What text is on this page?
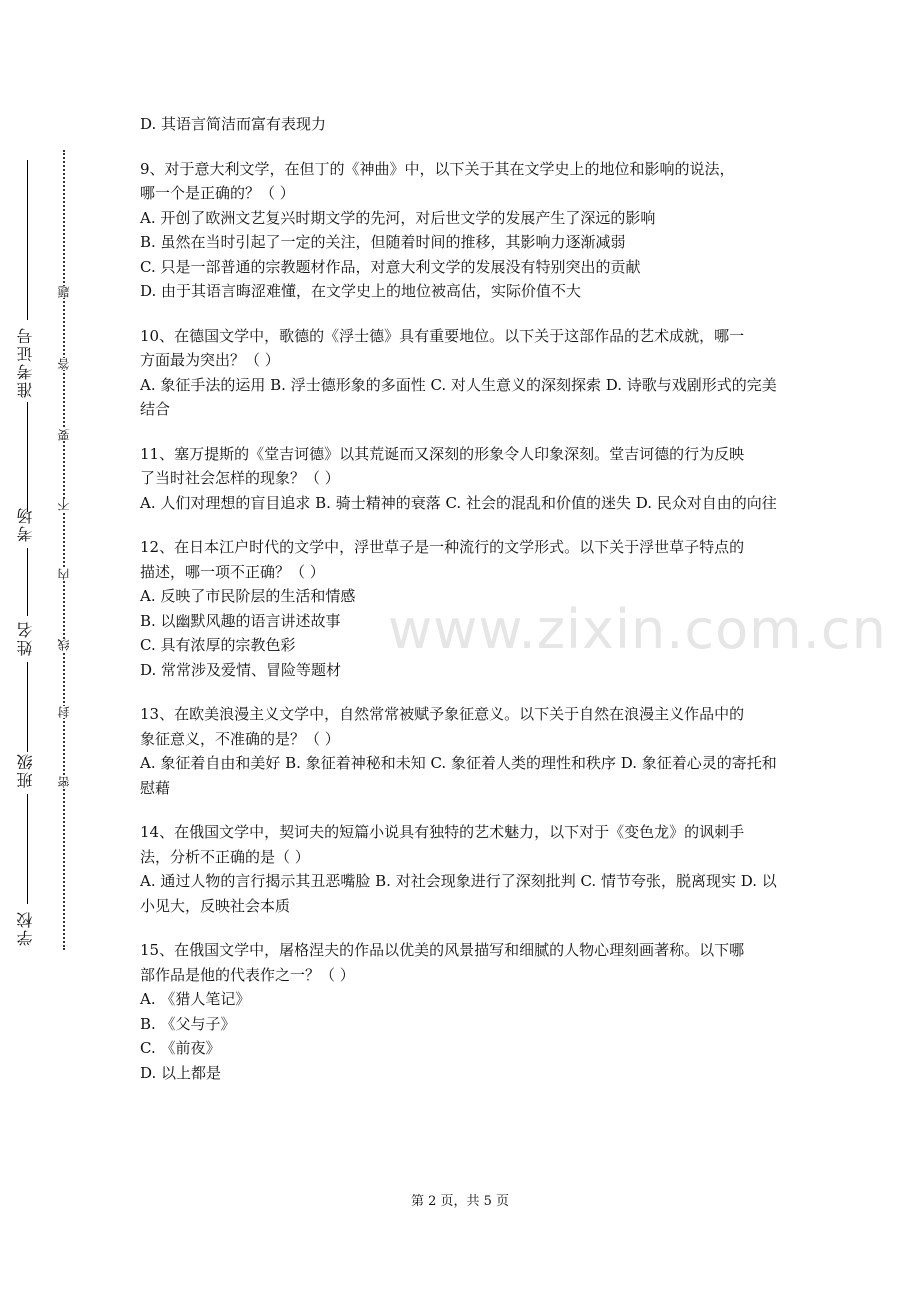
准考证号
考场
姓名
班级
学校
题
答
要
不
内
线
封
密
www.zixin.com.cn
D. 其语言简洁而富有表现力
9、对于意大利文学，在但丁的《神曲》中，以下关于其在文学史上的地位和影响的说法，
哪一个是正确的？（ ）
A. 开创了欧洲文艺复兴时期文学的先河，对后世文学的发展产生了深远的影响
B. 虽然在当时引起了一定的关注，但随着时间的推移，其影响力逐渐减弱
C. 只是一部普通的宗教题材作品，对意大利文学的发展没有特别突出的贡献
D. 由于其语言晦涩难懂，在文学史上的地位被高估，实际价值不大
10、在德国文学中，歌德的《浮士德》具有重要地位。以下关于这部作品的艺术成就，哪一
方面最为突出？（ ）
A. 象征手法的运用 B. 浮士德形象的多面性 C. 对人生意义的深刻探索 D. 诗歌与戏剧形式的完美结合
11、塞万提斯的《堂吉诃德》以其荒诞而又深刻的形象令人印象深刻。堂吉诃德的行为反映
了当时社会怎样的现象？（ ）
A. 人们对理想的盲目追求 B. 骑士精神的衰落 C. 社会的混乱和价值的迷失 D. 民众对自由的向往
12、在日本江户时代的文学中，浮世草子是一种流行的文学形式。以下关于浮世草子特点的
描述，哪一项不正确？（ ）
A. 反映了市民阶层的生活和情感
B. 以幽默风趣的语言讲述故事
C. 具有浓厚的宗教色彩
D. 常常涉及爱情、冒险等题材
13、在欧美浪漫主义文学中，自然常常被赋予象征意义。以下关于自然在浪漫主义作品中的
象征意义，不准确的是？（ ）
A. 象征着自由和美好 B. 象征着神秘和未知 C. 象征着人类的理性和秩序 D. 象征着心灵的寄托和慰藉
14、在俄国文学中，契诃夫的短篇小说具有独特的艺术魅力，以下对于《变色龙》的讽刺手
法，分析不正确的是（ ）
A. 通过人物的言行揭示其丑恶嘴脸 B. 对社会现象进行了深刻批判 C. 情节夸张，脱离现实 D. 以小见大，反映社会本质
15、在俄国文学中，屠格涅夫的作品以优美的风景描写和细腻的人物心理刻画著称。以下哪
部作品是他的代表作之一？（ ）
A. 《猎人笔记》
B. 《父与子》
C. 《前夜》
D. 以上都是
第 2 页，共 5 页
